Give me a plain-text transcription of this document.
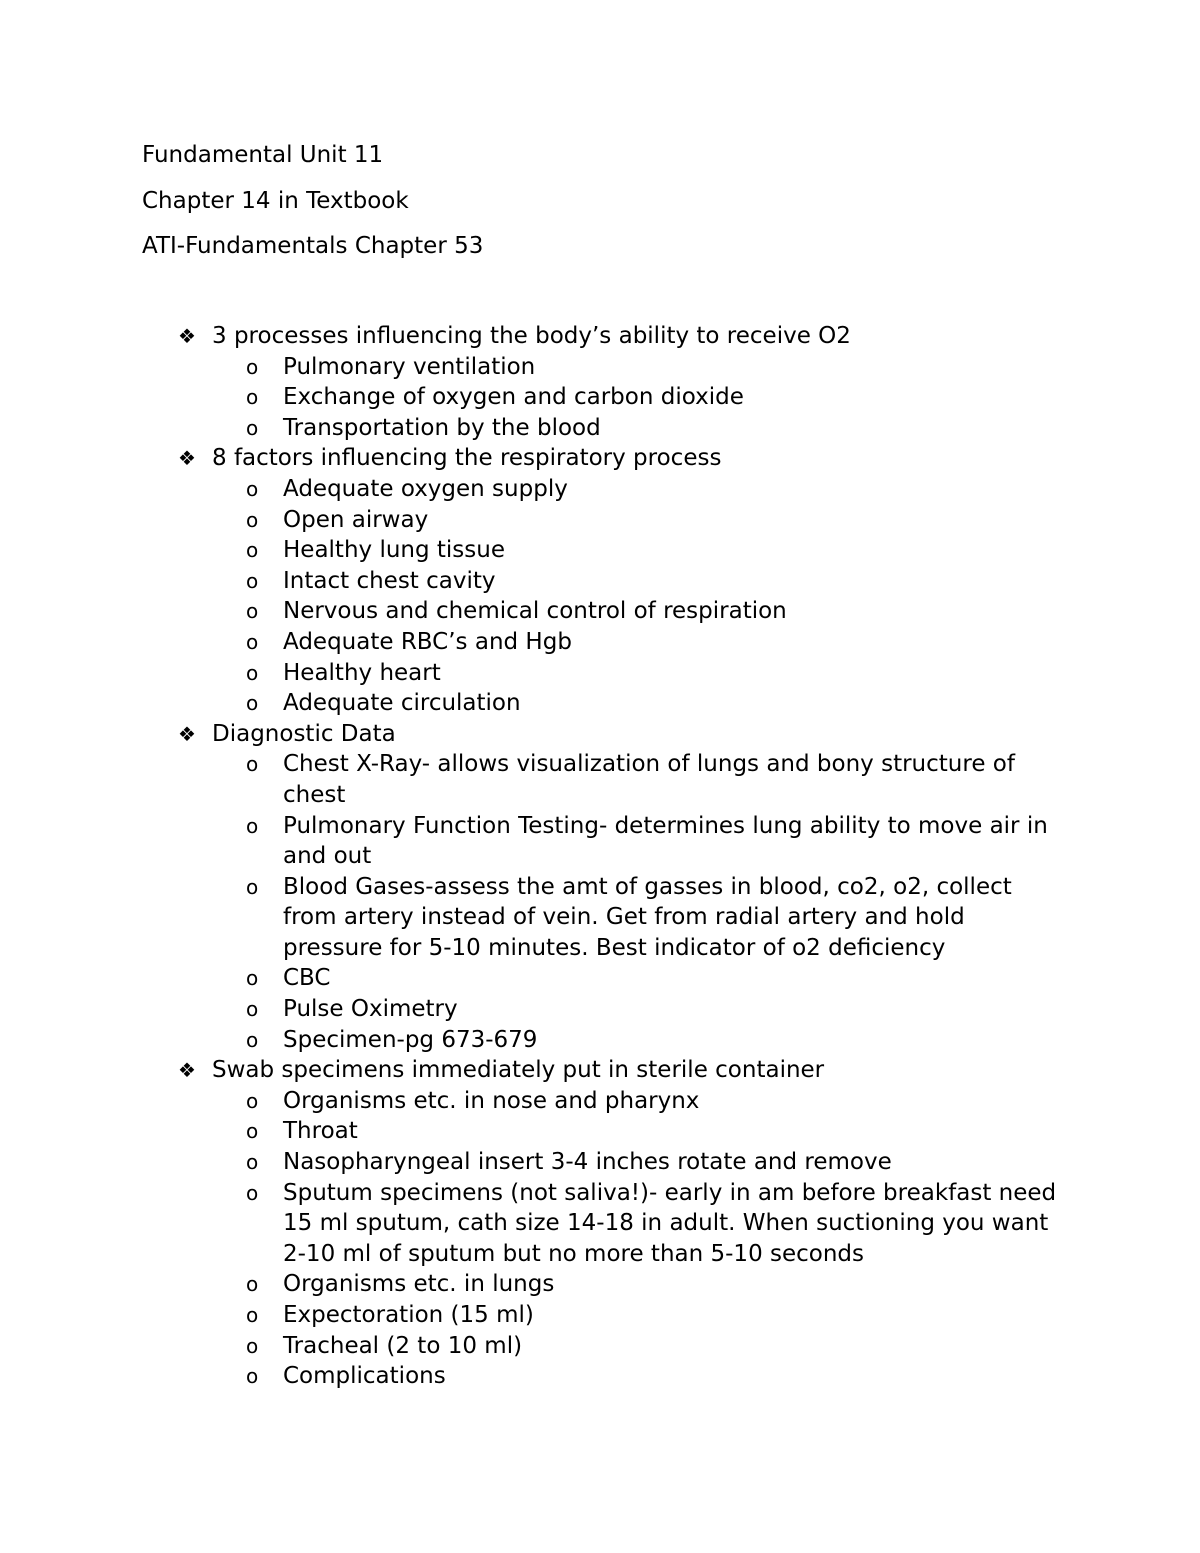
Fundamental Unit 11
Chapter 14 in Textbook
ATI-Fundamentals Chapter 53
❖ 3 processes influencing the body’s ability to receive O2
o	Pulmonary ventilation
o	Exchange of oxygen and carbon dioxide
o	Transportation by the blood
❖ 8 factors influencing the respiratory process
o	Adequate oxygen supply
o	Open airway
o	Healthy lung tissue
o	Intact chest cavity
o	Nervous and chemical control of respiration
o	Adequate RBC’s and Hgb
o	Healthy heart
o	Adequate circulation
❖ Diagnostic Data
o	Chest X-Ray- allows visualization of lungs and bony structure of chest
o	Pulmonary Function Testing- determines lung ability to move air in and out
o	Blood Gases-assess the amt of gasses in blood, co2, o2, collect from artery instead of vein. Get from radial artery and hold pressure for 5-10 minutes. Best indicator of o2 deficiency
o	CBC
o	Pulse Oximetry
o	Specimen-pg 673-679
❖ Swab specimens immediately put in sterile container
o	Organisms etc. in nose and pharynx
o	Throat
o	Nasopharyngeal insert 3-4 inches rotate and remove
o	Sputum specimens (not saliva!)- early in am before breakfast need 15 ml sputum, cath size 14-18 in adult. When suctioning you want 2-10 ml of sputum but no more than 5-10 seconds
o	Organisms etc. in lungs
o	Expectoration (15 ml)
o	Tracheal (2 to 10 ml)
o	Complications
